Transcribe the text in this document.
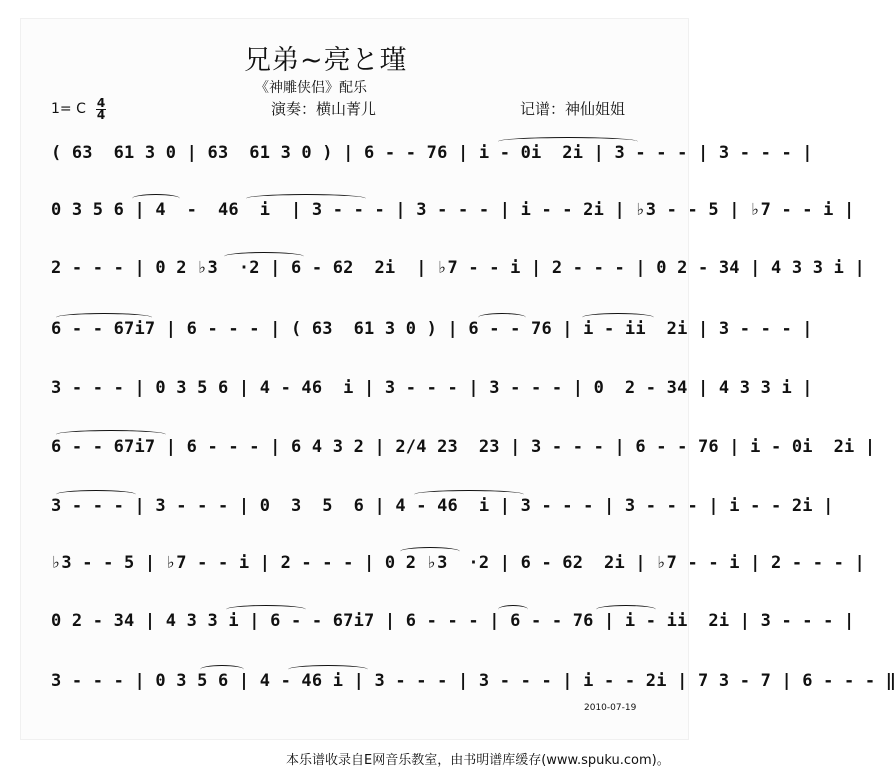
兄弟~亮と瑾
《神雕侠侣》配乐
1= C 4
4	演奏：横山菁儿	记谱：神仙姐姐
( 63  61 3 0 | 63  61 3 0 ) | 6 - - 76 | i - 0i  2i | 3 - - - | 3 - - - |
0 3 5 6 | 4  -  46  i  | 3 - - - | 3 - - - | i - - 2i | ♭3 - - 5 | ♭7 - - i |
2 - - - | 0 2 ♭3  ·2 | 6 - 62  2i  | ♭7 - - i | 2 - - - | 0 2 - 34 | 4 3 3 i |
6 - - 67i7 | 6 - - - | ( 63  61 3 0 ) | 6 - - 76 | i - ii  2i | 3 - - - |
3 - - - | 0 3 5 6 | 4 - 46  i | 3 - - - | 3 - - - | 0  2 - 34 | 4 3 3 i |
6 - - 67i7 | 6 - - - | 6 4 3 2 | 2/4 23  23 | 3 - - - | 6 - - 76 | i - 0i  2i |
3 - - - | 3 - - - | 0  3  5  6 | 4 - 46  i | 3 - - - | 3 - - - | i - - 2i |
♭3 - - 5 | ♭7 - - i | 2 - - - | 0 2 ♭3  ·2 | 6 - 62  2i | ♭7 - - i | 2 - - - |
0 2 - 34 | 4 3 3 i | 6 - - 67i7 | 6 - - - | 6 - - 76 | i - ii  2i | 3 - - - |
3 - - - | 0 3 5 6 | 4 - 46 i | 3 - - - | 3 - - - | i - - 2i | 7 3 - 7 | 6 - - - ‖
2010-07-19
本乐谱收录自E网音乐教室，由书明谱库缓存(www.spuku.com)。
